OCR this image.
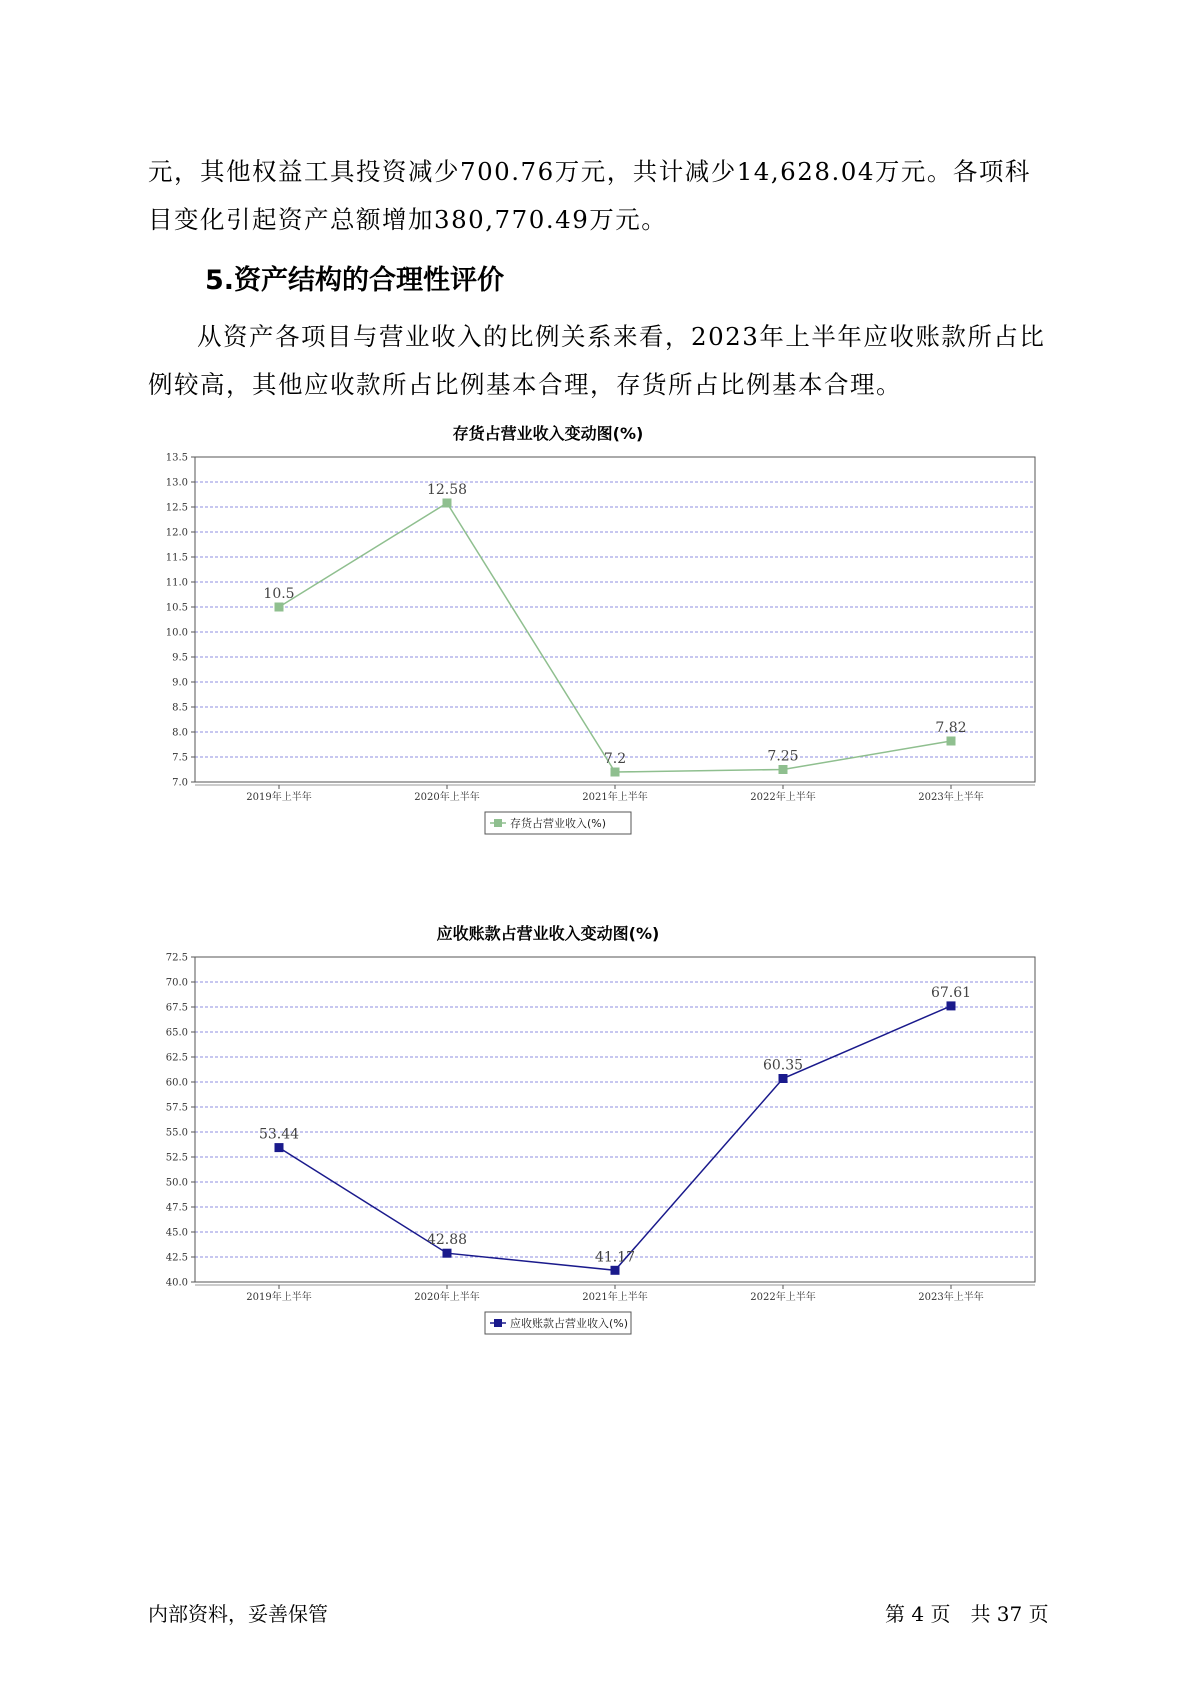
元，其他权益工具投资减少700.76万元，共计减少14,628.04万元。各项科目变化引起资产总额增加380,770.49万元。

5.资产结构的合理性评价

从资产各项目与营业收入的比例关系来看，2023年上半年应收账款所占比例较高，其他应收款所占比例基本合理，存货所占比例基本合理。

存货占营业收入变动图(%)
7.0
7.5
8.0
8.5
9.0
9.5
10.0
10.5
11.0
11.5
12.0
12.5
13.0
13.5
2019年上半年	2020年上半年	2021年上半年	2022年上半年	2023年上半年
10.5
12.58
7.2	7.25
7.82
存货占营业收入(%)
应收账款占营业收入变动图(%)
40.0
42.5
45.0
47.5
50.0
52.5
55.0
57.5
60.0
62.5
65.0
67.5
70.0
72.5
2019年上半年	2020年上半年	2021年上半年	2022年上半年	2023年上半年
53.44
42.88
41.17
60.35
67.61
应收账款占营业收入(%)
内部资料，妥善保管	第 4 页　共 37 页
